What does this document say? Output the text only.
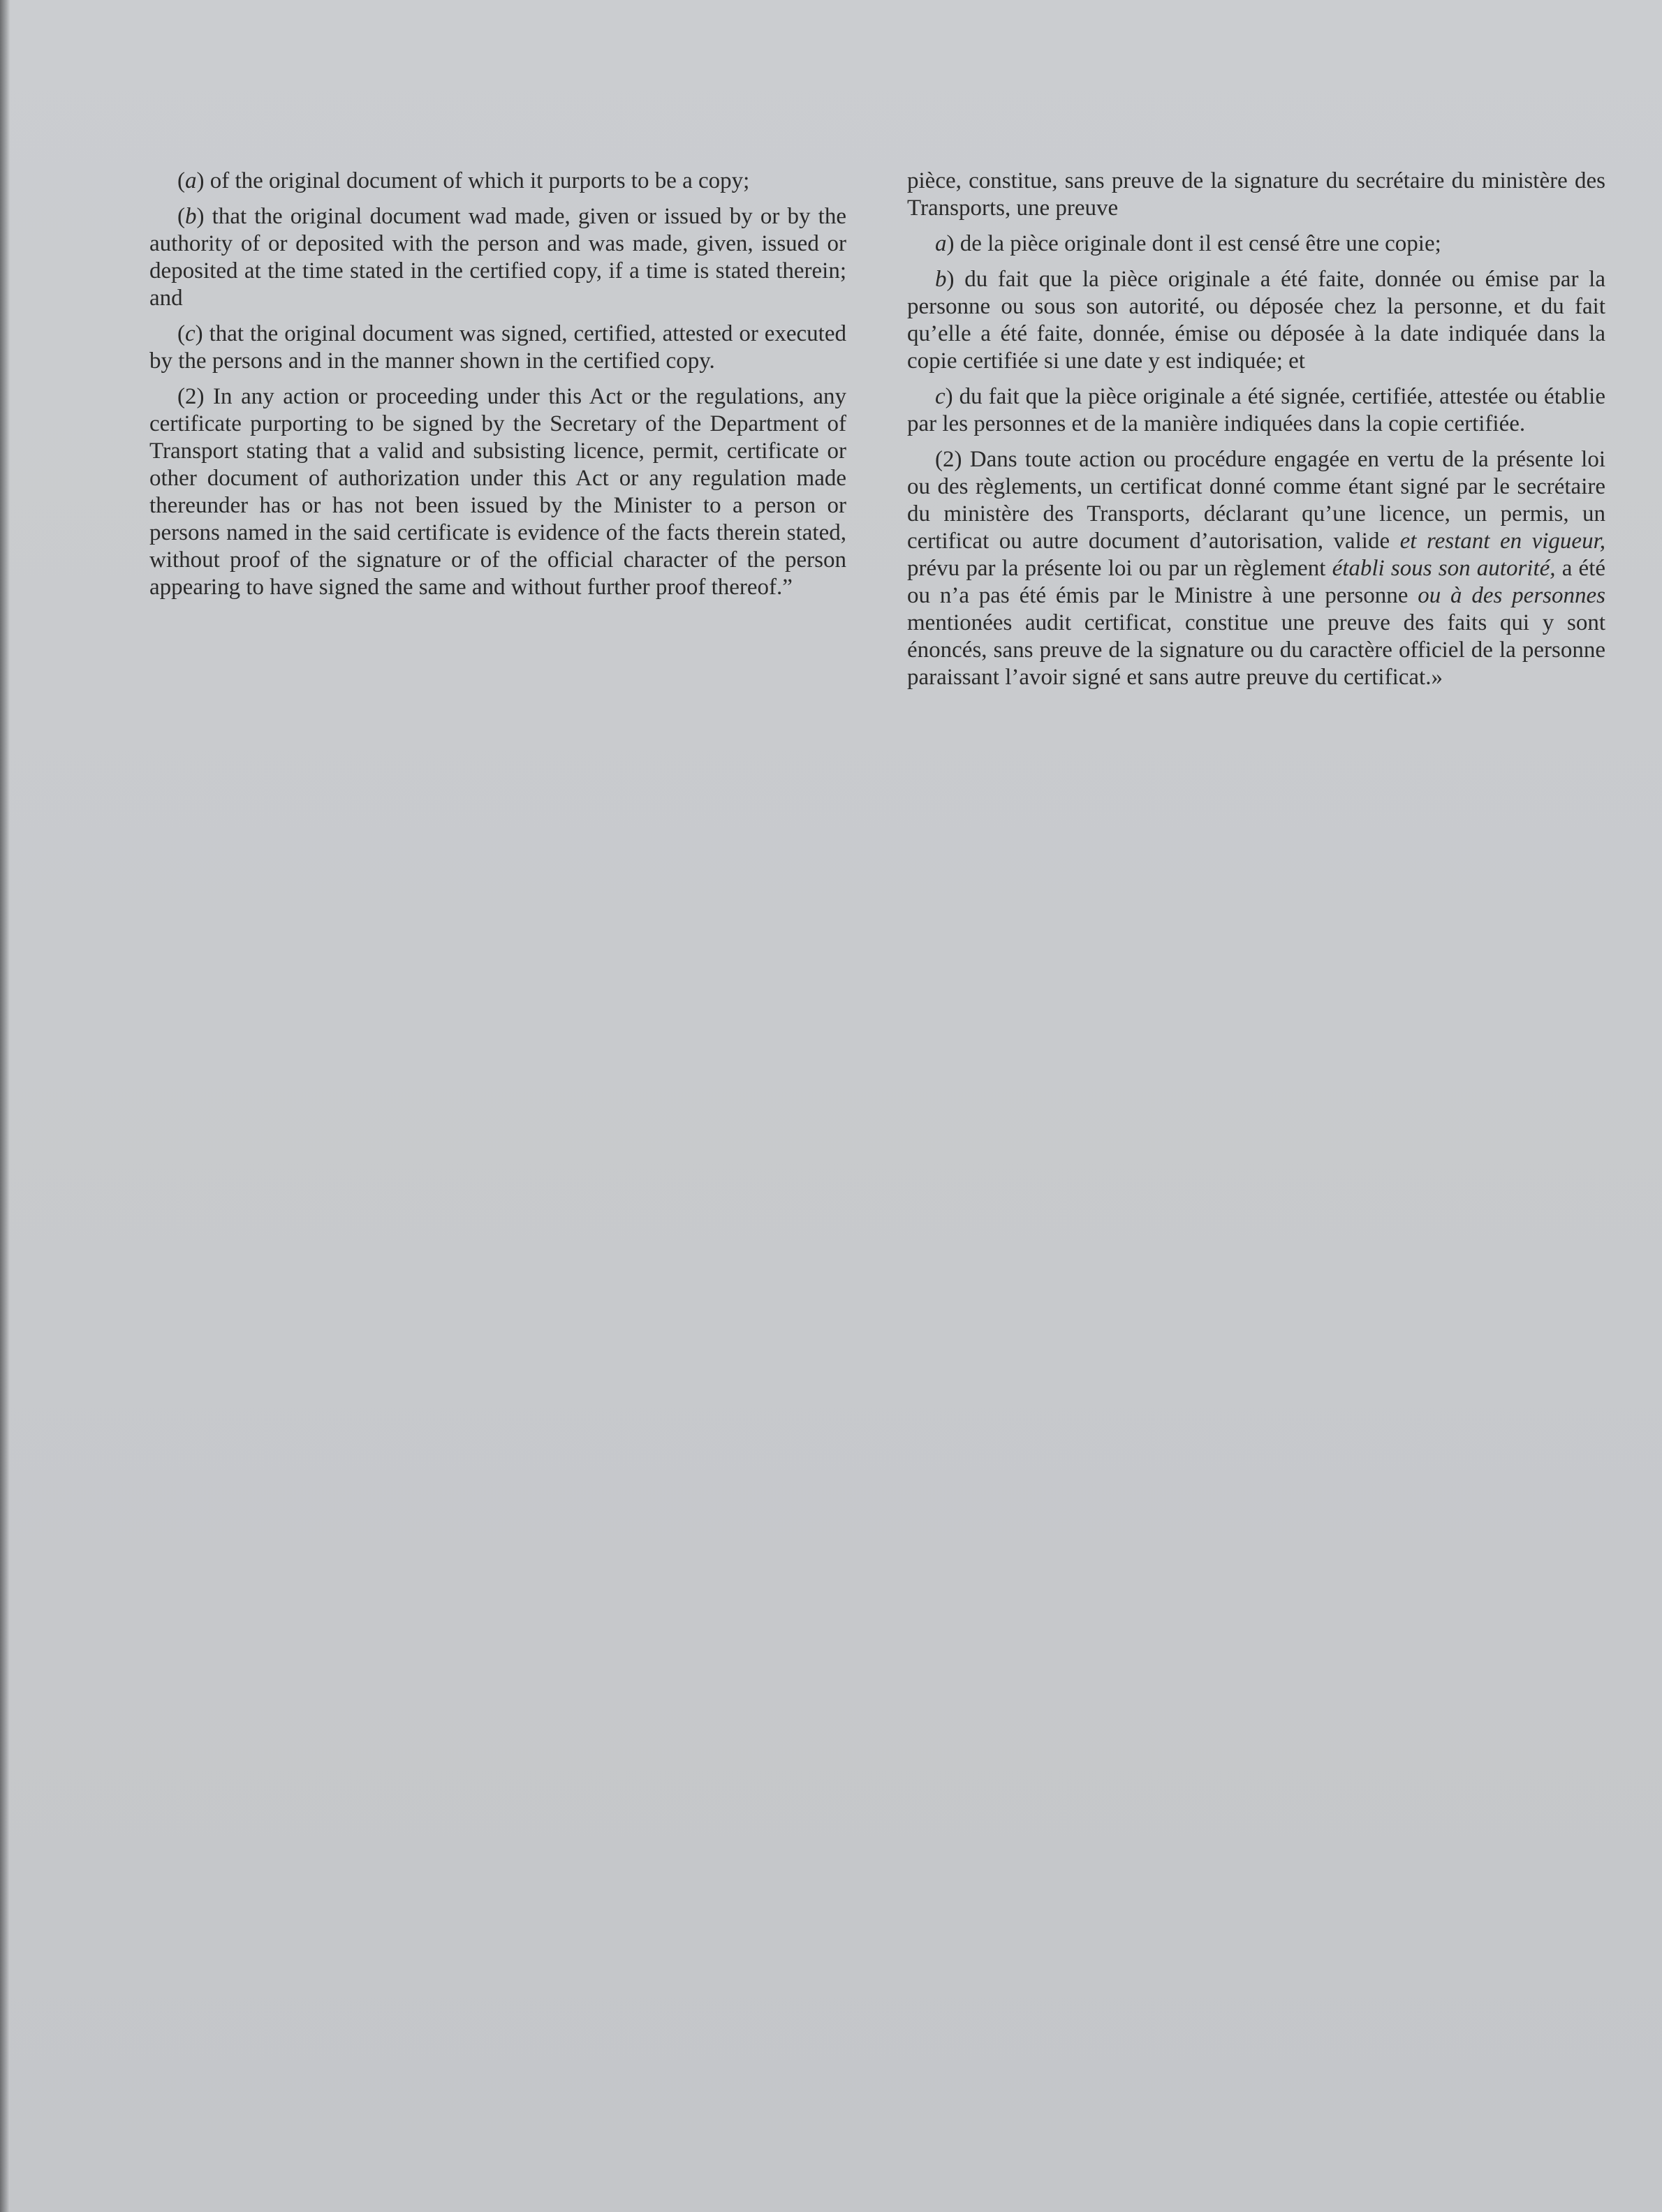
(a) of the original document of which it purports to be a copy;

(b) that the original document wad made, given or issued by or by the authority of or deposited with the person and was made, given, issued or deposited at the time stated in the certified copy, if a time is stated therein; and

(c) that the original document was signed, certified, attested or executed by the persons and in the manner shown in the certified copy.

(2) In any action or proceeding under this Act or the regulations, any certificate purporting to be signed by the Secretary of the Department of Transport stating that a valid and subsisting licence, permit, certificate or other document of authorization under this Act or any regulation made thereunder has or has not been issued by the Minister to a person or persons named in the said certificate is evidence of the facts therein stated, without proof of the signature or of the official character of the person appearing to have signed the same and without further proof thereof.”

pièce, constitue, sans preuve de la signature du secrétaire du ministère des Transports, une preuve

a) de la pièce originale dont il est censé être une copie;

b) du fait que la pièce originale a été faite, donnée ou émise par la personne ou sous son autorité, ou déposée chez la personne, et du fait qu’elle a été faite, donnée, émise ou déposée à la date indiquée dans la copie certifiée si une date y est indiquée; et

c) du fait que la pièce originale a été signée, certifiée, attestée ou établie par les personnes et de la manière indiquées dans la copie certifiée.

(2) Dans toute action ou procédure engagée en vertu de la présente loi ou des règlements, un certificat donné comme étant signé par le secrétaire du ministère des Transports, déclarant qu’une licence, un permis, un certificat ou autre document d’autorisation, valide et restant en vigueur, prévu par la présente loi ou par un règlement établi sous son autorité, a été ou n’a pas été émis par le Ministre à une personne ou à des personnes mentionées audit certificat, constitue une preuve des faits qui y sont énoncés, sans preuve de la signature ou du caractère officiel de la personne paraissant l’avoir signé et sans autre preuve du certificat.»
